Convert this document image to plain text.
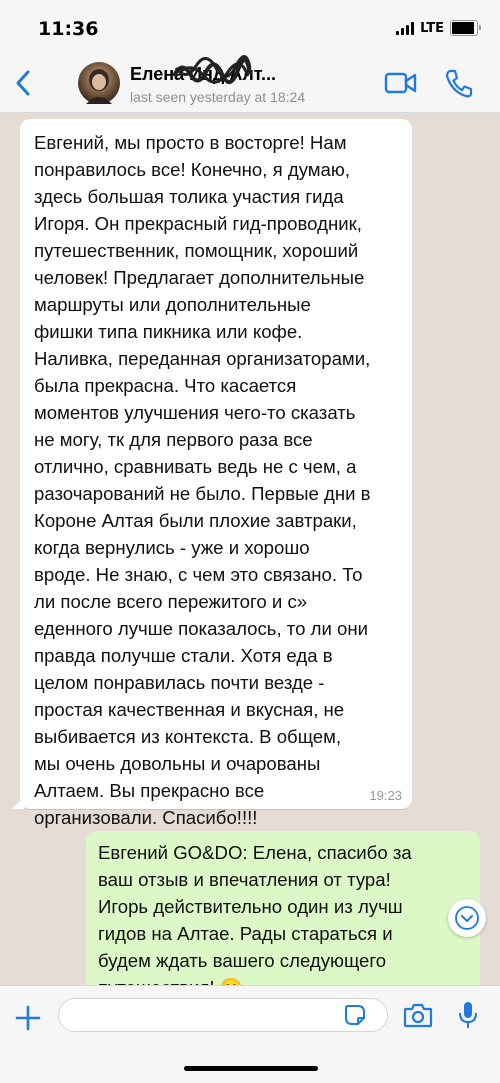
11:36	LTE
Елена Инд Алт...
last seen yesterday at 18:24
Евгений, мы просто в восторге! Нам
понравилось все! Конечно, я думаю,
здесь большая толика участия гида
Игоря. Он прекрасный гид-проводник,
путешественник, помощник, хороший
человек! Предлагает дополнительные
маршруты или дополнительные
фишки типа пикника или кофе.
Наливка, переданная организаторами,
была прекрасна. Что касается
моментов улучшения чего-то сказать
не могу, тк для первого раза все
отлично, сравнивать ведь не с чем, а
разочарований не было. Первые дни в
Короне Алтая были плохие завтраки,
когда вернулись - уже и хорошо
вроде. Не знаю, с чем это связано. То
ли после всего пережитого и с»
еденного лучше показалось, то ли они
правда получше стали. Хотя еда в
целом понравилась почти везде -
простая качественная и вкусная, не
выбивается из контекста. В общем,
мы очень довольны и очарованы
Алтаем. Вы прекрасно все
организовали. Спасибо!!!!
19:23
Евгений GO&DO: Елена, спасибо за
ваш отзыв и впечатления от тура!
Игорь действительно один из лучш
гидов на Алтае. Рады стараться и
будем ждать вашего следующего
